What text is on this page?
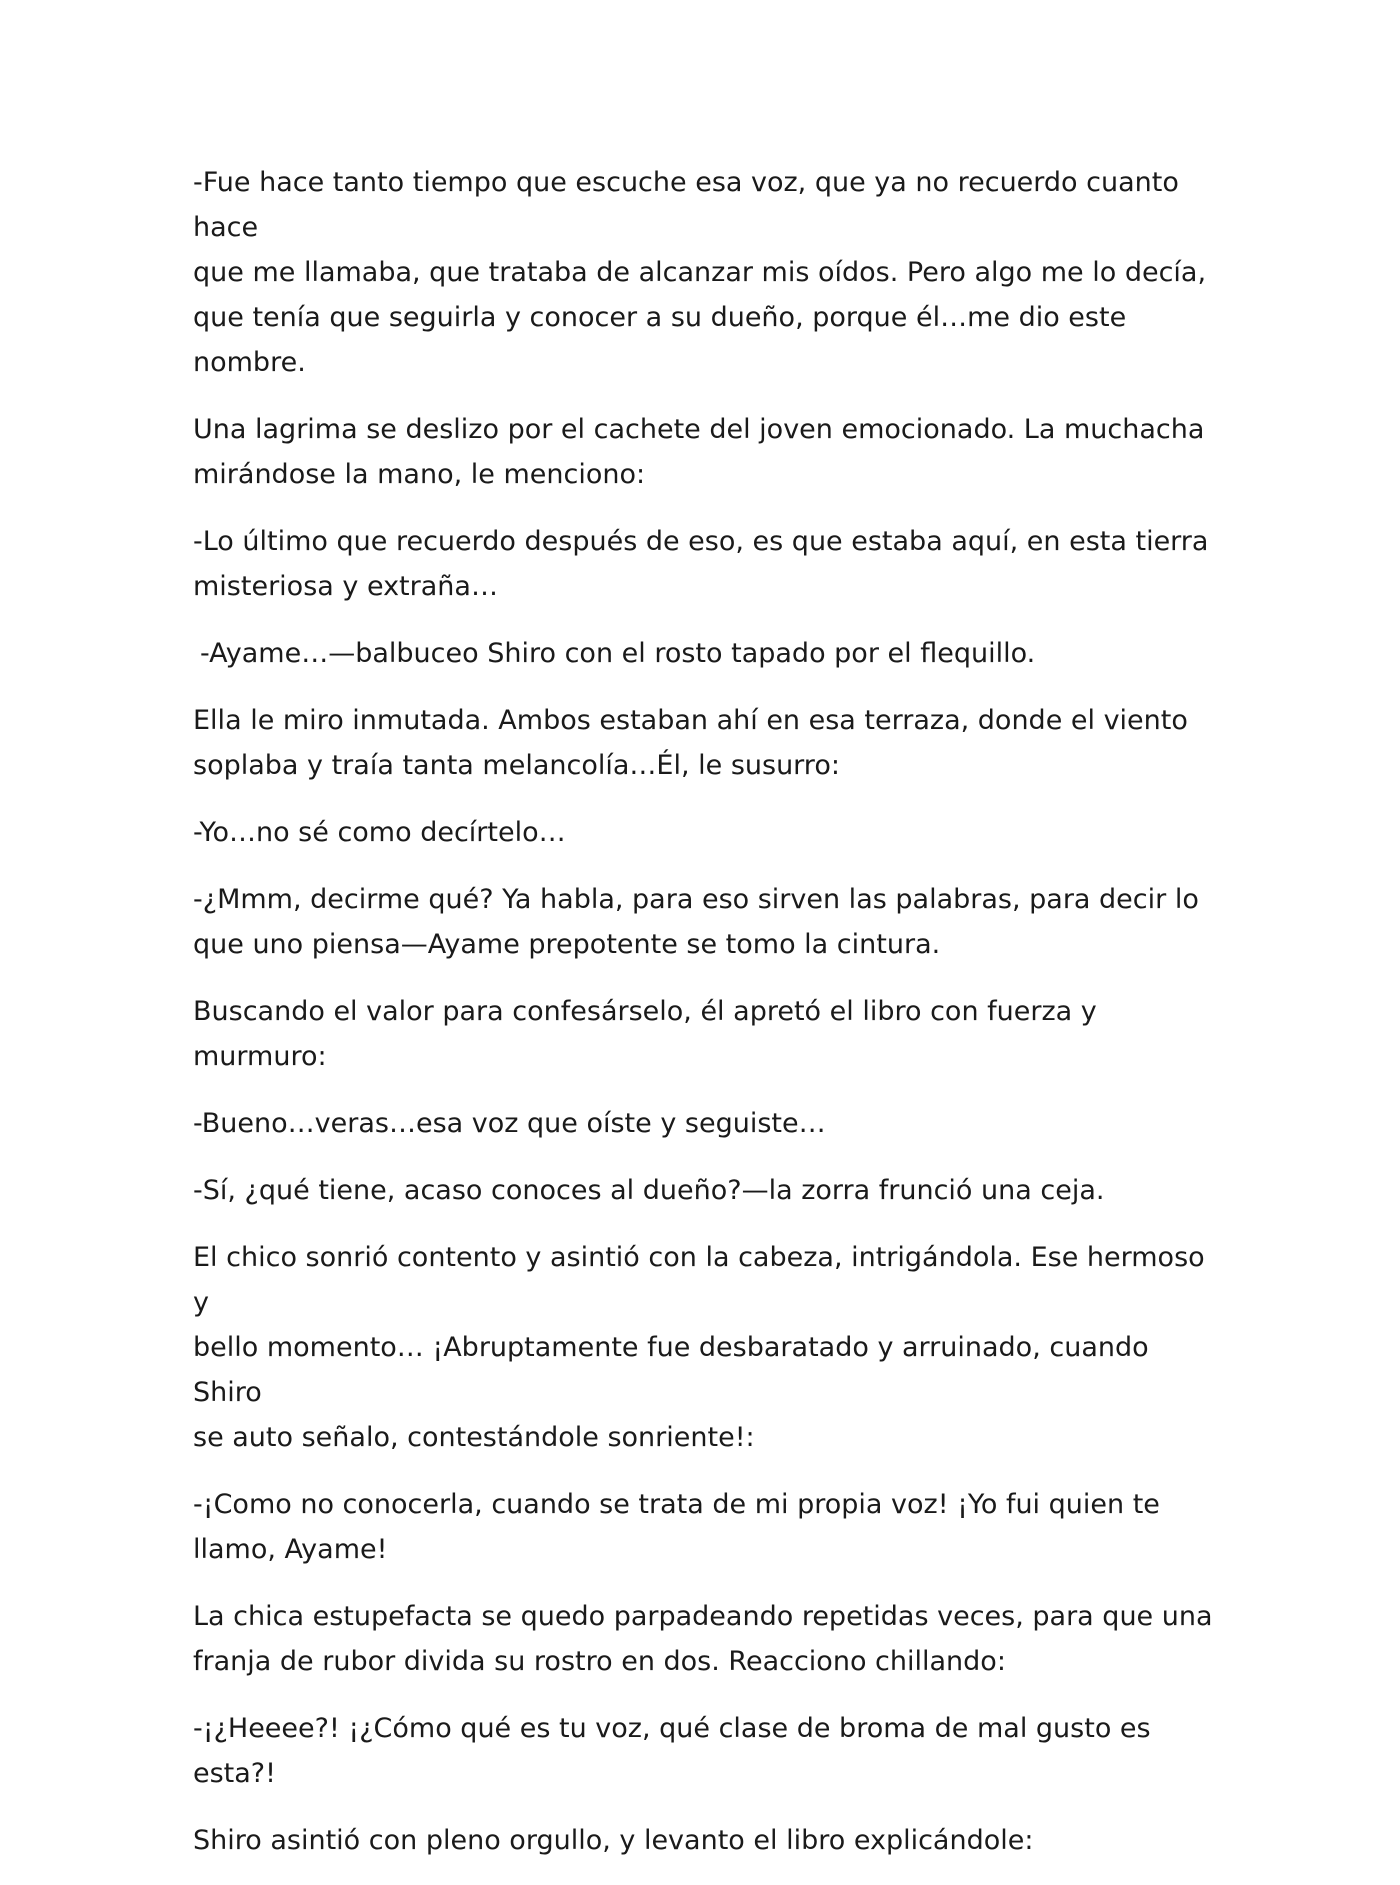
-Fue hace tanto tiempo que escuche esa voz, que ya no recuerdo cuanto hace
que me llamaba, que trataba de alcanzar mis oídos. Pero algo me lo decía,
que tenía que seguirla y conocer a su dueño, porque él…me dio este nombre.

Una lagrima se deslizo por el cachete del joven emocionado. La muchacha
mirándose la mano, le menciono:

-Lo último que recuerdo después de eso, es que estaba aquí, en esta tierra
misteriosa y extraña…

-Ayame…—balbuceo Shiro con el rosto tapado por el flequillo.

Ella le miro inmutada. Ambos estaban ahí en esa terraza, donde el viento
soplaba y traía tanta melancolía…Él, le susurro:

-Yo…no sé como decírtelo…

-¿Mmm, decirme qué? Ya habla, para eso sirven las palabras, para decir lo
que uno piensa—Ayame prepotente se tomo la cintura.

Buscando el valor para confesárselo, él apretó el libro con fuerza y murmuro:

-Bueno…veras…esa voz que oíste y seguiste…

-Sí, ¿qué tiene, acaso conoces al dueño?—la zorra frunció una ceja.

El chico sonrió contento y asintió con la cabeza, intrigándola. Ese hermoso y
bello momento… ¡Abruptamente fue desbaratado y arruinado, cuando Shiro
se auto señalo, contestándole sonriente!:

-¡Como no conocerla, cuando se trata de mi propia voz! ¡Yo fui quien te
llamo, Ayame!

La chica estupefacta se quedo parpadeando repetidas veces, para que una
franja de rubor divida su rostro en dos. Reacciono chillando:

-¡¿Heeee?! ¡¿Cómo qué es tu voz, qué clase de broma de mal gusto es esta?!

Shiro asintió con pleno orgullo, y levanto el libro explicándole:
